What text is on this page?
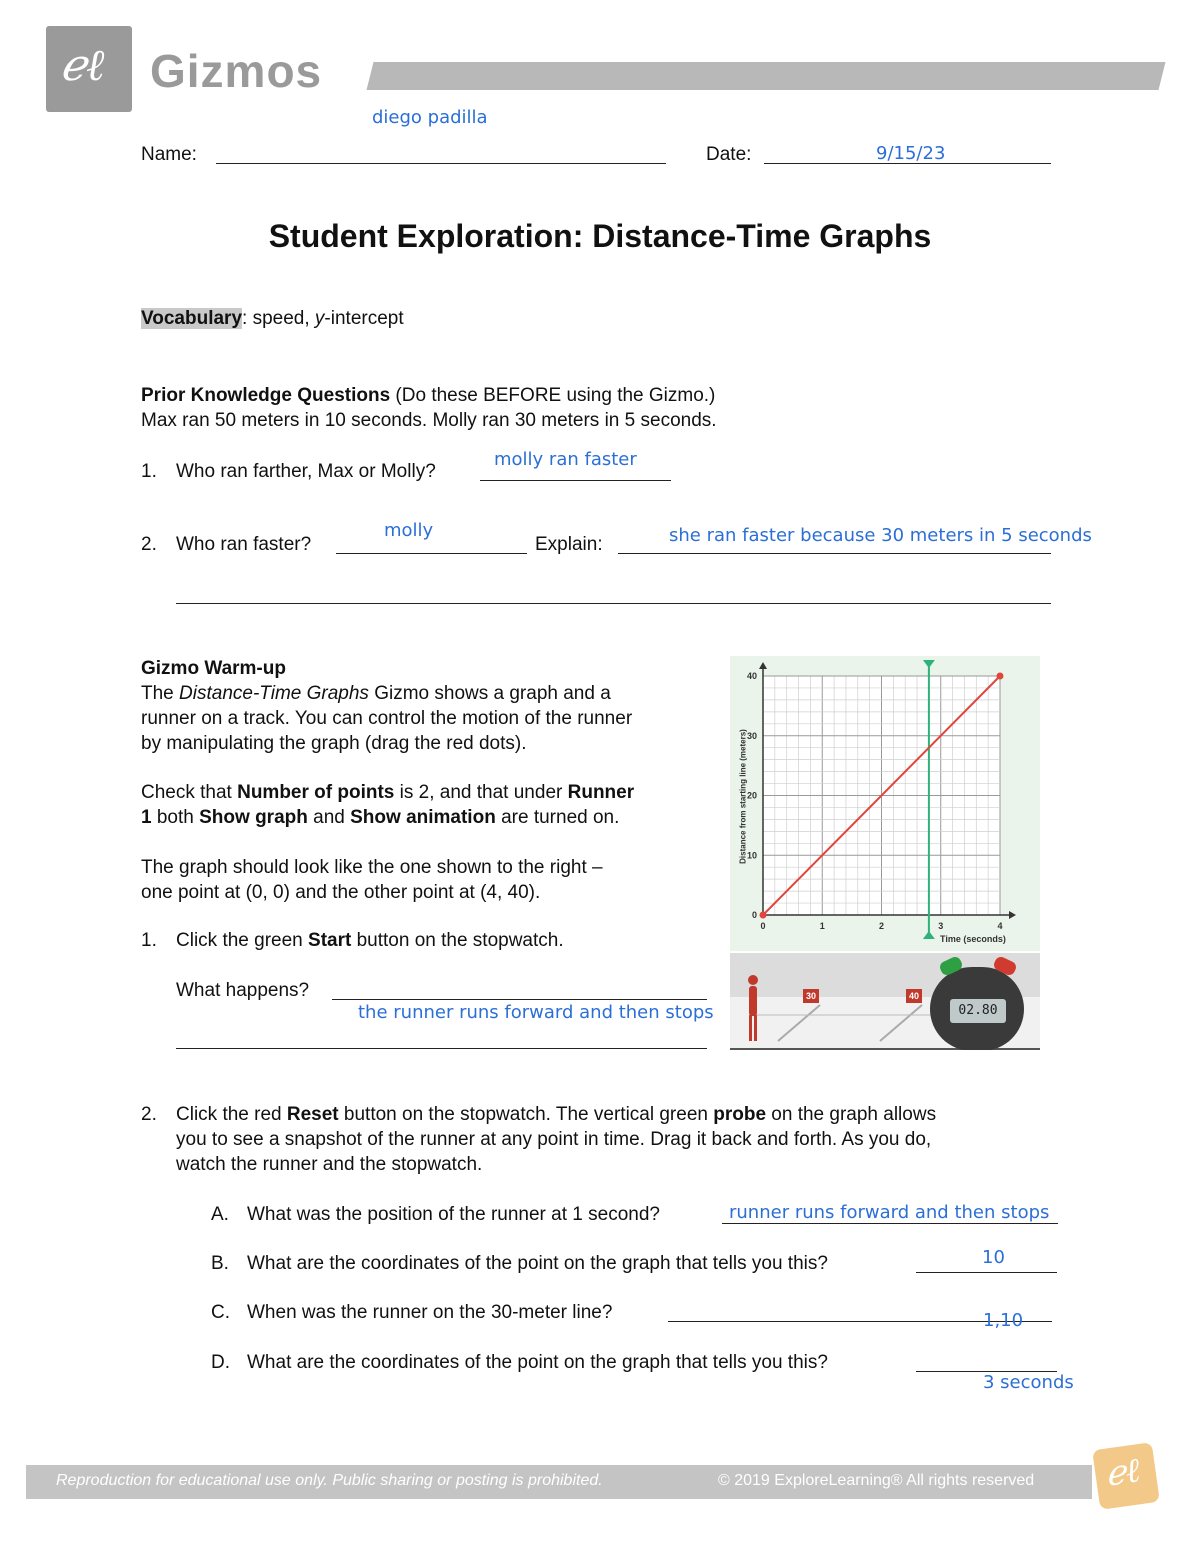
ℯℓ Gizmos
diego padilla
Name:	Date:	9/15/23
Student Exploration: Distance-Time Graphs
Vocabulary: speed, y-intercept
Prior Knowledge Questions (Do these BEFORE using the Gizmo.)
Max ran 50 meters in 10 seconds. Molly ran 30 meters in 5 seconds.
1. Who ran farther, Max or Molly?
molly ran faster
2. Who ran faster?
molly
Explain:	she ran faster because 30 meters in 5 seconds
Gizmo Warm-up
The Distance-Time Graphs Gizmo shows a graph and a
runner on a track. You can control the motion of the runner
by manipulating the graph (drag the red dots).
Check that Number of points is 2, and that under Runner
1 both Show graph and Show animation are turned on.
The graph should look like the one shown to the right –
one point at (0, 0) and the other point at (4, 40).
1. Click the green Start button on the stopwatch.
What happens?
the runner runs forward and then stops
0	1	2	3	4
0
10
20
30
40
Distance from starting line (meters)
Time (seconds)
30	40
02.80
2. Click the red Reset button on the stopwatch. The vertical green probe on the graph allows
you to see a snapshot of the runner at any point in time. Drag it back and forth. As you do,
watch the runner and the stopwatch.
A. What was the position of the runner at 1 second?	runner runs forward and then stops
B. What are the coordinates of the point on the graph that tells you this?	10
C. When was the runner on the 30-meter line?	1,10
D. What are the coordinates of the point on the graph that tells you this?
3 seconds
Reproduction for educational use only. Public sharing or posting is prohibited.	© 2019 ExploreLearning® All rights reserved ℯℓ
